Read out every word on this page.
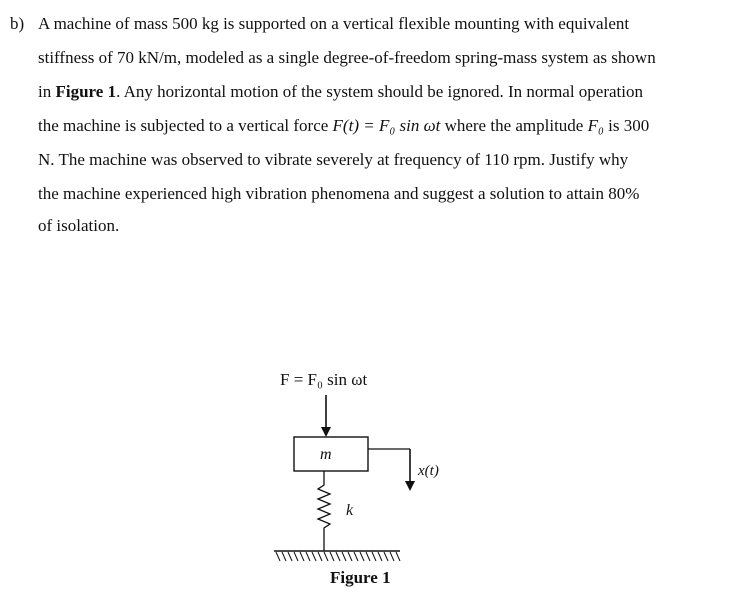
b) A machine of mass 500 kg is supported on a vertical flexible mounting with equivalent
stiffness of 70 kN/m, modeled as a single degree-of-freedom spring-mass system as shown
in Figure 1. Any horizontal motion of the system should be ignored. In normal operation
the machine is subjected to a vertical force F(t) = F₀ sin ωt where the amplitude F₀ is 300
N. The machine was observed to vibrate severely at frequency of 110 rpm. Justify why
the machine experienced high vibration phenomena and suggest a solution to attain 80%
of isolation.
F = F₀ sin ωt
m
x(t)
k
Figure 1
